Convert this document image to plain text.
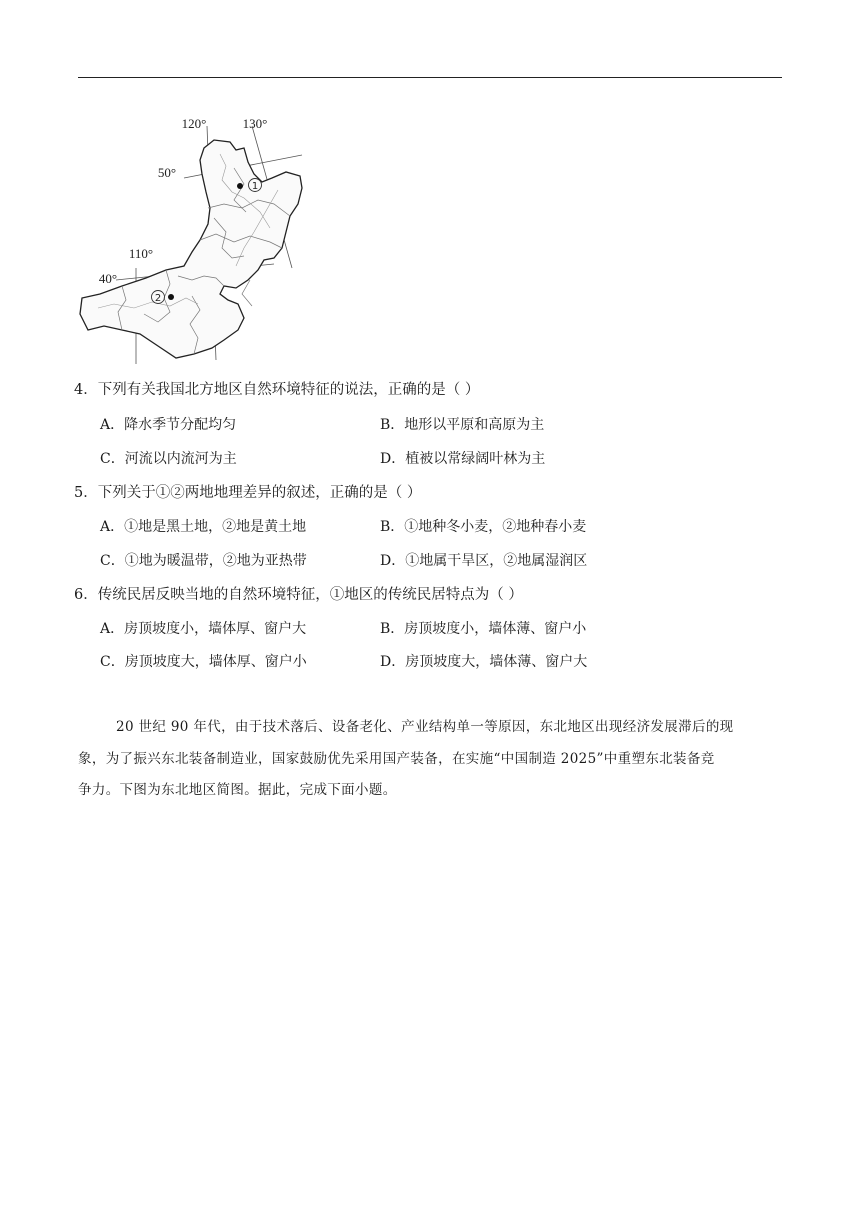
1
2
120°	130°
50°
110°
40°
4．下列有关我国北方地区自然环境特征的说法，正确的是（ ）
A．降水季节分配均匀	B．地形以平原和高原为主
C．河流以内流河为主	D．植被以常绿阔叶林为主
5．下列关于①②两地地理差异的叙述，正确的是（ ）
A．①地是黑土地，②地是黄土地	B．①地种冬小麦，②地种春小麦
C．①地为暖温带，②地为亚热带	D．①地属干旱区，②地属湿润区
6．传统民居反映当地的自然环境特征，①地区的传统民居特点为（ ）
A．房顶坡度小，墙体厚、窗户大	B．房顶坡度小，墙体薄、窗户小
C．房顶坡度大，墙体厚、窗户小	D．房顶坡度大，墙体薄、窗户大
20 世纪 90 年代，由于技术落后、设备老化、产业结构单一等原因，东北地区出现经济发展滞后的现
象，为了振兴东北装备制造业，国家鼓励优先采用国产装备，在实施“中国制造 2025”中重塑东北装备竞
争力。下图为东北地区简图。据此，完成下面小题。
